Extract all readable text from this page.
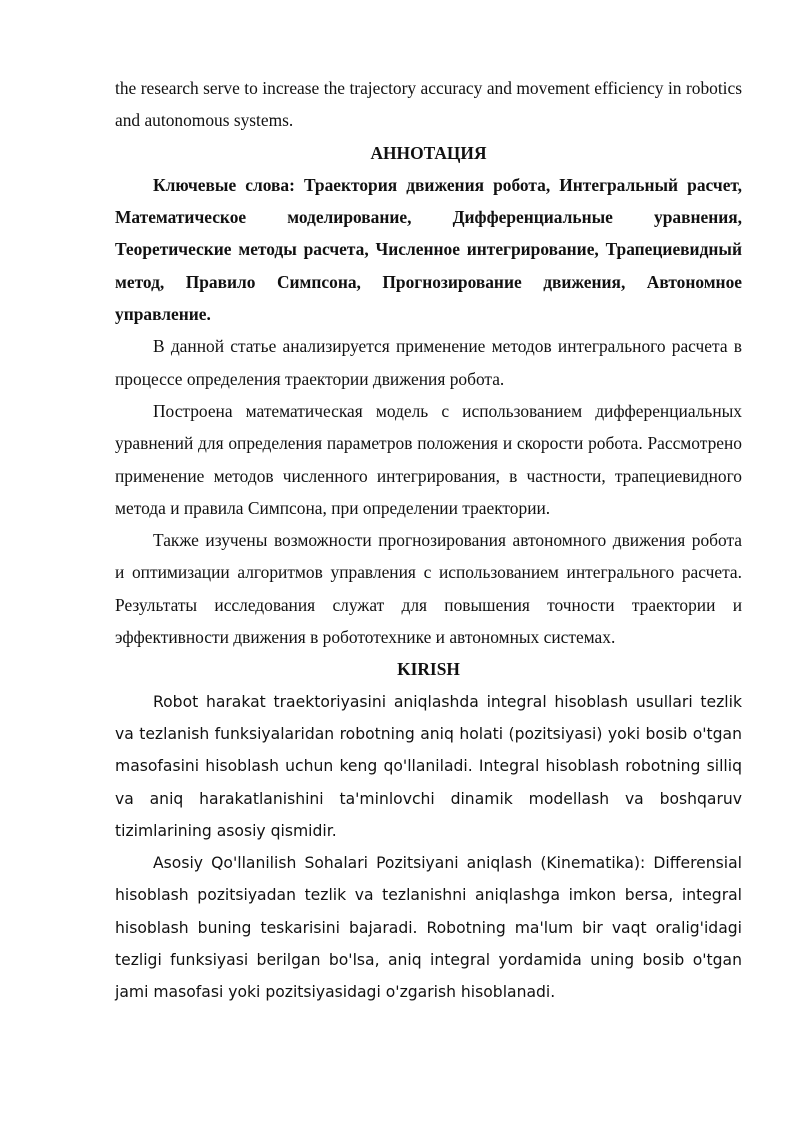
the research serve to increase the trajectory accuracy and movement efficiency in robotics and autonomous systems.

АННОТАЦИЯ

Ключевые слова: Траектория движения робота, Интегральный расчет, Математическое моделирование, Дифференциальные уравнения, Теоретические методы расчета, Численное интегрирование, Трапециевидный метод, Правило Симпсона, Прогнозирование движения, Автономное управление.

В данной статье анализируется применение методов интегрального расчета в процессе определения траектории движения робота.

Построена математическая модель с использованием дифференциальных уравнений для определения параметров положения и скорости робота. Рассмотрено применение методов численного интегрирования, в частности, трапециевидного метода и правила Симпсона, при определении траектории.

Также изучены возможности прогнозирования автономного движения робота и оптимизации алгоритмов управления с использованием интегрального расчета. Результаты исследования служат для повышения точности траектории и эффективности движения в робототехнике и автономных системах.

KIRISH

Robot harakat traektoriyasini aniqlashda integral hisoblash usullari tezlik va tezlanish funksiyalaridan robotning aniq holati (pozitsiyasi) yoki bosib o'tgan masofasini hisoblash uchun keng qo'llaniladi. Integral hisoblash robotning silliq va aniq harakatlanishini ta'minlovchi dinamik modellash va boshqaruv tizimlarining asosiy qismidir.

Asosiy Qo'llanilish Sohalari Pozitsiyani aniqlash (Kinematika): Differensial hisoblash pozitsiyadan tezlik va tezlanishni aniqlashga imkon bersa, integral hisoblash buning teskarisini bajaradi. Robotning ma'lum bir vaqt oralig'idagi tezligi funksiyasi berilgan bo'lsa, aniq integral yordamida uning bosib o'tgan jami masofasi yoki pozitsiyasidagi o'zgarish hisoblanadi.
